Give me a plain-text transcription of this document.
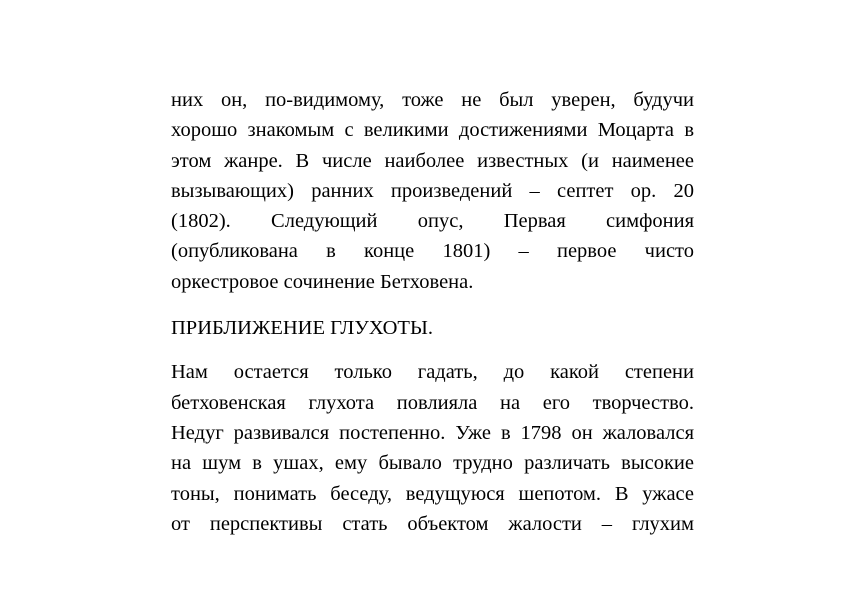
них он, по-видимому, тоже не был уверен, будучи
хорошо знакомым с великими достижениями Моцарта в
этом жанре. В числе наиболее известных (и наименее
вызывающих) ранних произведений – септет ор. 20
(1802). Следующий опус, Первая симфония
(опубликована в конце 1801) – первое чисто
оркестровое сочинение Бетховена.
ПРИБЛИЖЕНИЕ ГЛУХОТЫ.
Нам остается только гадать, до какой степени
бетховенская глухота повлияла на его творчество.
Недуг развивался постепенно. Уже в 1798 он жаловался
на шум в ушах, ему бывало трудно различать высокие
тоны, понимать беседу, ведущуюся шепотом. В ужасе
от перспективы стать объектом жалости – глухим
